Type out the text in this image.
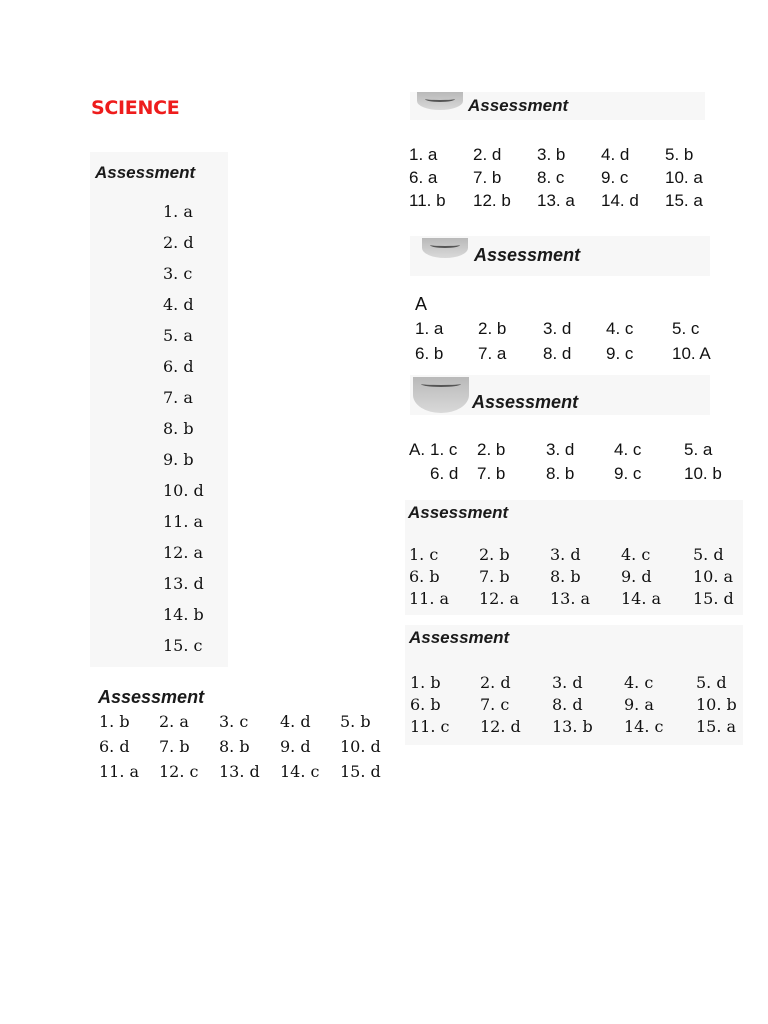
SCIENCE
Assessment
1. a
2. d
3. c
4. d
5. a
6. d
7. a
8. b
9. b
10. d
11. a
12. a
13. d
14. b
15. c
Assessment
1. b 2. a 3. c 4. d 5. b
6. d 7. b 8. b 9. d 10. d
11. a 12. c 13. d 14. c 15. d
Assessment
1. a 2. d 3. b 4. d 5. b
6. a 7. b 8. c 9. c 10. a
11. b 12. b 13. a 14. d 15. a
Assessment
A
1. a 2. b 3. d 4. c 5. c
6. b 7. a 8. d 9. c 10. A
Assessment
A. 1. c 2. b 3. d 4. c	5. a
6. d 7. b 8. b 9. c	10. b
Assessment
1. c	2. b	3. d	4. c	5. d
6. b 7. b	8. b	9. d	10. a
11. a 12. a 13. a 14. a 15. d
Assessment
1. b 2. d	3. d	4. c	5. d
6. b 7. c	8. d	9. a	10. b
11. c 12. d 13. b 14. c 15. a
